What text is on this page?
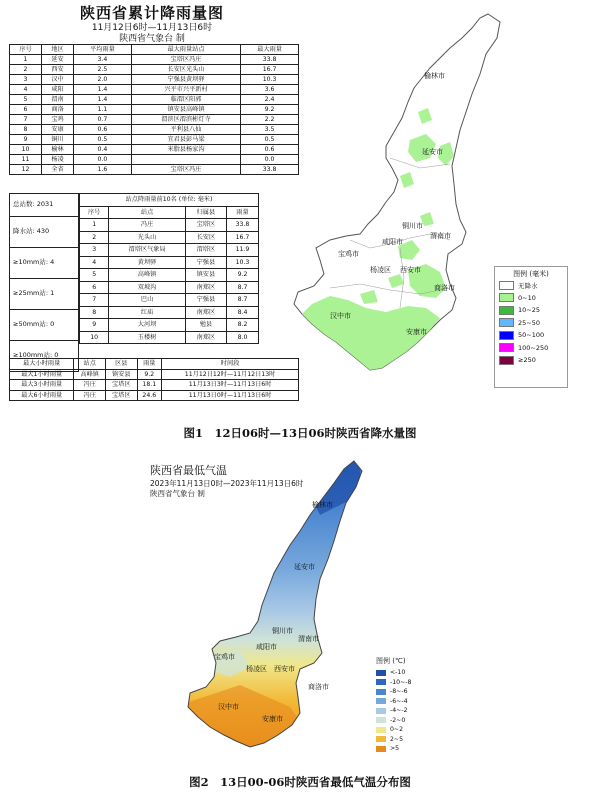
陕西省累计降雨量图
11月12日6时—11月13日6时
陕西省气象台 制
序号	地区	平均雨量	最大雨量站点	最大雨量
1	延安	3.4	宝塔区冯庄	33.8
2	西安	2.5	长安区光头山	16.7
3	汉中	2.0	宁强县黄坝驿	10.3
4	咸阳	1.4	兴平市兴平新村	3.6
5	渭南	1.4	临渭区阳郭	2.4
6	商洛	1.1	镇安县高峰镇	9.2
7	宝鸡	0.7	渭滨区渭滨彬灯寺	2.2
8	安康	0.6	平利县八仙	3.5
9	铜川	0.5	宜君县彭马梁	0.5
10	榆林	0.4	米脂县杨家沟	0.6
11	杨凌	0.0		0.0
12	全省	1.6	宝塔区冯庄	33.8
总站数: 2031
降水站: 430
≥10mm站: 4
≥25mm站: 1
≥50mm站: 0
≥100mm站: 0
站点降雨量前10名 (单位: 毫米)			
序号	站点	归属县	雨量
1	冯庄	宝塔区	33.8
2	光头山	长安区	16.7
3	渭塔区气象局	渭塔区	11.9
4	黄坝驿	宁强县	10.3
5	高峰镇	镇安县	9.2
6	双坡沟	南郑区	8.7
7	巴山	宁强县	8.7
8	红庙	南郑区	8.4
9	大河坝	勉县	8.2
10	玉楼树	南郑区	8.0
最大小时雨量	站点	区县	雨量	时间段
最大1小时雨量	高峰镇	镇安县	9.2	11月12日12时—11月12日13时
最大3小时雨量	冯庄	宝塔区	18.1	11月13日3时—11月13日6时
最大6小时雨量	冯庄	宝塔区	24.6	11月13日0时—11月13日6时
榆林市
延安市
铜川市
渭南市
宝鸡市
咸阳市
杨凌区 西安市
商洛市
汉中市
安康市
图例 (毫米)
无降水
0~10
10~25
25~50
50~100
100~250
≥250
图1　12日06时—13日06时陕西省降水量图
陕西省最低气温
2023年11月13日0时—2023年11月13日6时
陕西省气象台 制
榆林市
延安市
铜川市
渭南市
宝鸡市
咸阳市
杨凌区 西安市
商洛市
汉中市
安康市
图例 (℃)
<-10
-10~-8
-8~-6
-6~-4
-4~-2
-2~0
0~2
2~5
>5
图2　13日00-06时陕西省最低气温分布图
